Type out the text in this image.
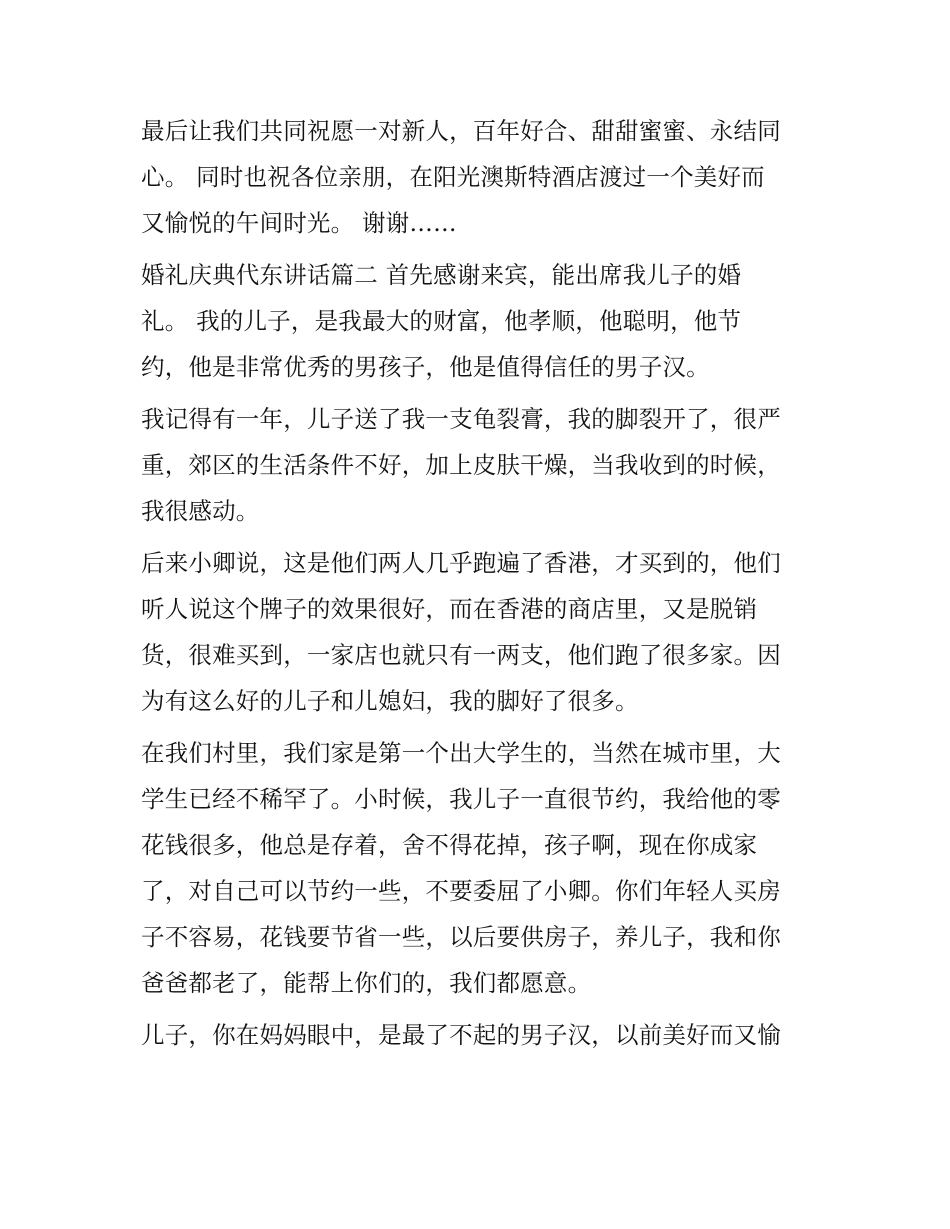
最后让我们共同祝愿一对新人，百年好合、甜甜蜜蜜、永结同
心。 同时也祝各位亲朋，在阳光澳斯特酒店渡过一个美好而
又愉悦的午间时光。 谢谢……
婚礼庆典代东讲话篇二 首先感谢来宾，能出席我儿子的婚
礼。 我的儿子，是我最大的财富，他孝顺，他聪明，他节
约，他是非常优秀的男孩子，他是值得信任的男子汉。
我记得有一年，儿子送了我一支龟裂膏，我的脚裂开了，很严
重，郊区的生活条件不好，加上皮肤干燥，当我收到的时候，
我很感动。
后来小卿说，这是他们两人几乎跑遍了香港，才买到的，他们
听人说这个牌子的效果很好，而在香港的商店里，又是脱销
货，很难买到，一家店也就只有一两支，他们跑了很多家。因
为有这么好的儿子和儿媳妇，我的脚好了很多。
在我们村里，我们家是第一个出大学生的，当然在城市里，大
学生已经不稀罕了。小时候，我儿子一直很节约，我给他的零
花钱很多，他总是存着，舍不得花掉，孩子啊，现在你成家
了，对自己可以节约一些，不要委屈了小卿。你们年轻人买房
子不容易，花钱要节省一些，以后要供房子，养儿子，我和你
爸爸都老了，能帮上你们的，我们都愿意。
儿子，你在妈妈眼中，是最了不起的男子汉，以前美好而又愉
